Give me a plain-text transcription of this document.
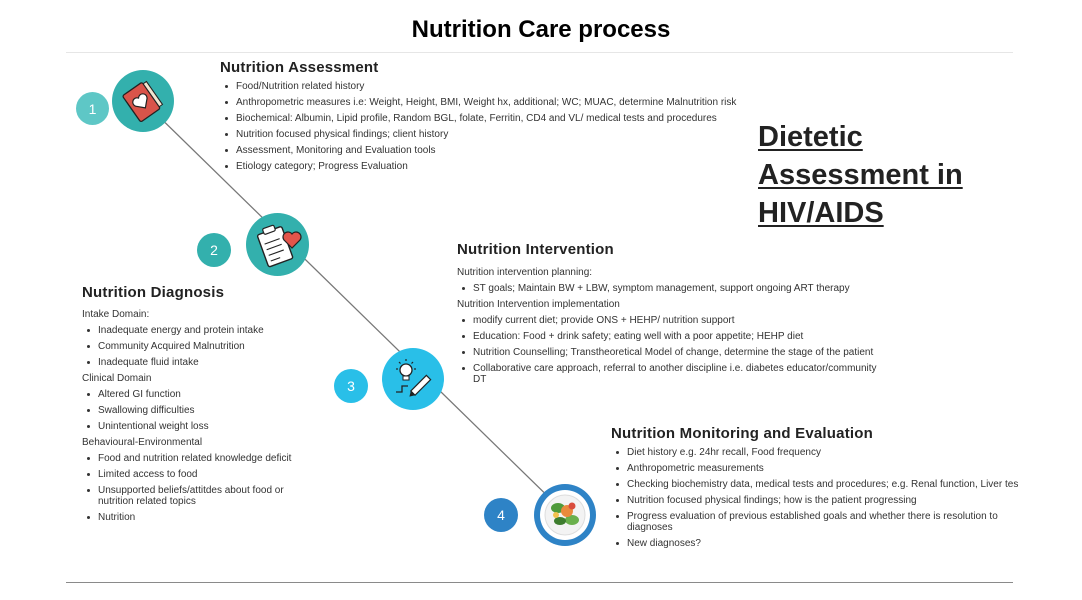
Nutrition Care process
1
2
3
4
Nutrition Assessment
Food/Nutrition related history
Anthropometric measures i.e: Weight, Height, BMI, Weight hx, additional; WC; MUAC, determine Malnutrition risk
Biochemical: Albumin, Lipid profile, Random BGL, folate, Ferritin, CD4 and VL/ medical tests and procedures
Nutrition focused physical findings; client history
Assessment, Monitoring and Evaluation tools
Etiology category; Progress Evaluation
Dietetic
Assessment in
HIV/AIDS
Nutrition Intervention
Nutrition intervention planning:
ST goals; Maintain BW + LBW, symptom management, support ongoing ART therapy
Nutrition Intervention implementation
modify current diet; provide ONS + HEHP/ nutrition support
Education: Food + drink safety; eating well with a poor appetite; HEHP diet
Nutrition Counselling; Transtheoretical Model of change, determine the stage of the patient
Collaborative care approach, referral to another discipline i.e. diabetes educator/community DT
Nutrition Diagnosis
Intake Domain:
Inadequate energy and protein intake
Community Acquired Malnutrition
Inadequate fluid intake
Clinical Domain
Altered GI function
Swallowing difficulties
Unintentional weight loss
Behavioural-Environmental
Food and nutrition related knowledge deficit
Limited access to food
Unsupported beliefs/attitdes about food or nutrition related topics
Nutrition
Nutrition Monitoring and Evaluation
Diet history e.g. 24hr recall, Food frequency
Anthropometric measurements
Checking biochemistry data, medical tests and procedures; e.g. Renal function, Liver tes
Nutrition focused physical findings; how is the patient progressing
Progress evaluation of previous established goals and whether there is resolution to diagnoses
New diagnoses?
